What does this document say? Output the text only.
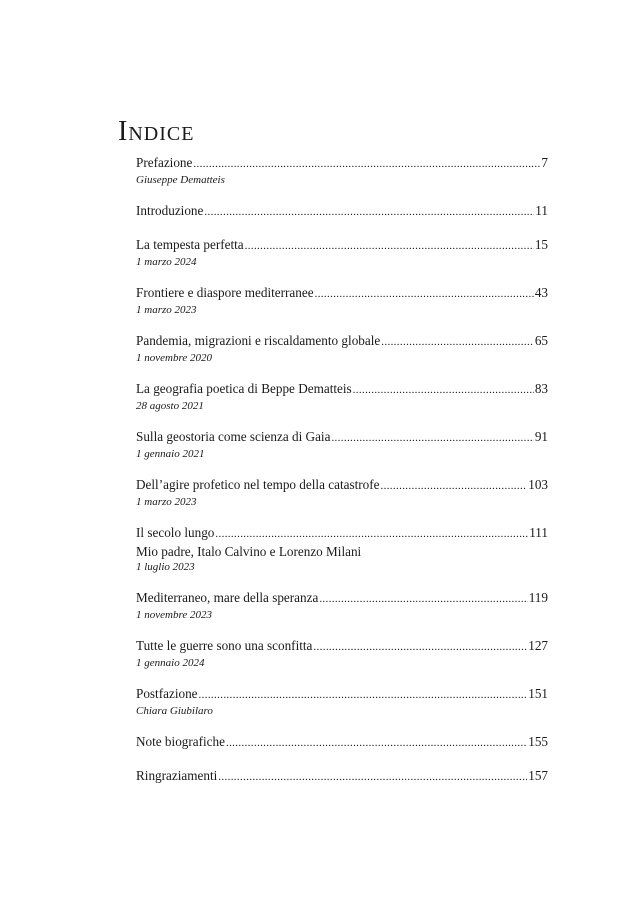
Indice
Prefazione . . .	7
Giuseppe Dematteis
Introduzione . . .	11
La tempesta perfetta . . .	15
1 marzo 2024
Frontiere e diaspore mediterranee . . .	43
1 marzo 2023
Pandemia, migrazioni e riscaldamento globale . . .	65
1 novembre 2020
La geografia poetica di Beppe Dematteis . . .	83
28 agosto 2021
Sulla geostoria come scienza di Gaia . . .	91
1 gennaio 2021
Dell’agire profetico nel tempo della catastrofe . . .	103
1 marzo 2023
Il secolo lungo . . .	111
Mio padre, Italo Calvino e Lorenzo Milani
1 luglio 2023
Mediterraneo, mare della speranza . . .	119
1 novembre 2023
Tutte le guerre sono una sconfitta . . .	127
1 gennaio 2024
Postfazione . . .	151
Chiara Giubilaro
Note biografiche . . .	155
Ringraziamenti . . .	157
